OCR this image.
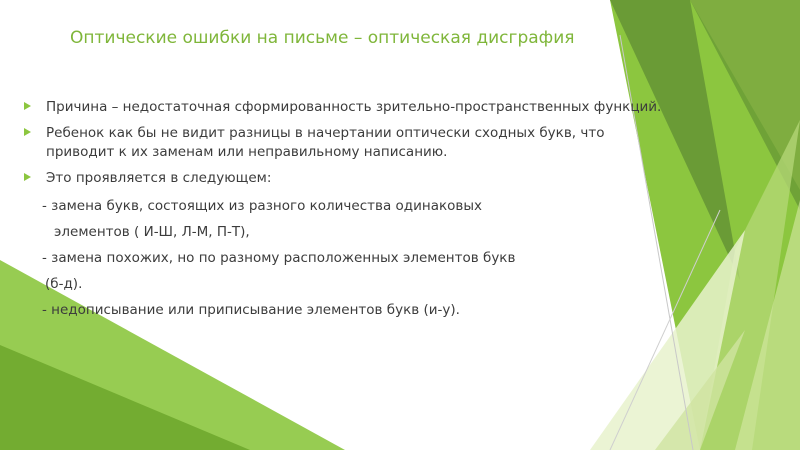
Оптические ошибки на письме – оптическая дисграфия
Причина – недостаточная сформированность зрительно-пространственных функций.
Ребенок как бы не видит разницы в начертании оптически сходных букв, что приводит к их заменам или неправильному написанию.
Это проявляется в следующем:

- замена букв, состоящих из разного количества одинаковых

элементов ( И-Ш, Л-М, П-Т),

- замена похожих, но по разному расположенных элементов букв

(б-д).

- недописывание или приписывание элементов букв (и-у).
